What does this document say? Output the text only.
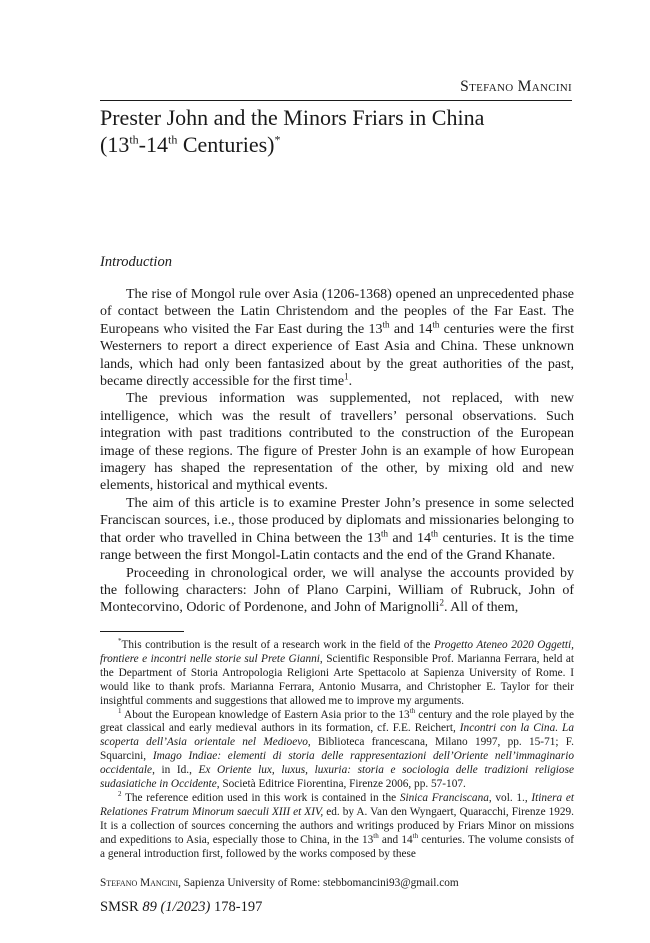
Stefano Mancini
Prester John and the Minors Friars in China
(13th-14th Centuries)*
Introduction

The rise of Mongol rule over Asia (1206-1368) opened an unprecedented phase of contact between the Latin Christendom and the peoples of the Far East. The Europeans who visited the Far East during the 13th and 14th centuries were the first Westerners to report a direct experience of East Asia and China. These unknown lands, which had only been fantasized about by the great authorities of the past, became directly accessible for the first time$^1$.

The previous information was supplemented, not replaced, with new intelligence, which was the result of travellers’ personal observations. Such integration with past traditions contributed to the construction of the European image of these regions. The figure of Prester John is an example of how European imagery has shaped the representation of the other, by mixing old and new elements, historical and mythical events.

The aim of this article is to examine Prester John’s presence in some selected Franciscan sources, i.e., those produced by diplomats and missionaries belonging to that order who travelled in China between the 13th and 14th centuries. It is the time range between the first Mongol-Latin contacts and the end of the Grand Khanate.

Proceeding in chronological order, we will analyse the accounts provided by the following characters: John of Plano Carpini, William of Rubruck, John of Montecorvino, Odoric of Pordenone, and John of Marignolli$^2$. All of them,

*This contribution is the result of a research work in the field of the Progetto Ateneo 2020 Oggetti, frontiere e incontri nelle storie sul Prete Gianni, Scientific Responsible Prof. Marianna Ferrara, held at the Department of Storia Antropologia Religioni Arte Spettacolo at Sapienza University of Rome. I would like to thank profs. Marianna Ferrara, Antonio Musarra, and Christopher E. Taylor for their insightful comments and suggestions that allowed me to improve my arguments.

$^1$ About the European knowledge of Eastern Asia prior to the 13th century and the role played by the great classical and early medieval authors in its formation, cf. F.E. Reichert, Incontri con la Cina. La scoperta dell’Asia orientale nel Medioevo, Biblioteca francescana, Milano 1997, pp. 15-71; F. Squarcini, Imago Indiae: elementi di storia delle rappresentazioni dell’Oriente nell’immaginario occidentale, in Id., Ex Oriente lux, luxus, luxuria: storia e sociologia delle tradizioni religiose sudasiatiche in Occidente, Società Editrice Fiorentina, Firenze 2006, pp. 57-107.

$^2$ The reference edition used in this work is contained in the Sinica Franciscana, vol. 1., Itinera et Relationes Fratrum Minorum saeculi XIII et XIV, ed. by A. Van den Wyngaert, Quaracchi, Firenze 1929. It is a collection of sources concerning the authors and writings produced by Friars Minor on missions and expeditions to Asia, especially those to China, in the 13th and 14th centuries. The volume consists of a general introduction first, followed by the works composed by these

Stefano Mancini, Sapienza University of Rome: stebbomancini93@gmail.com
SMSR 89 (1/2023) 178-197
